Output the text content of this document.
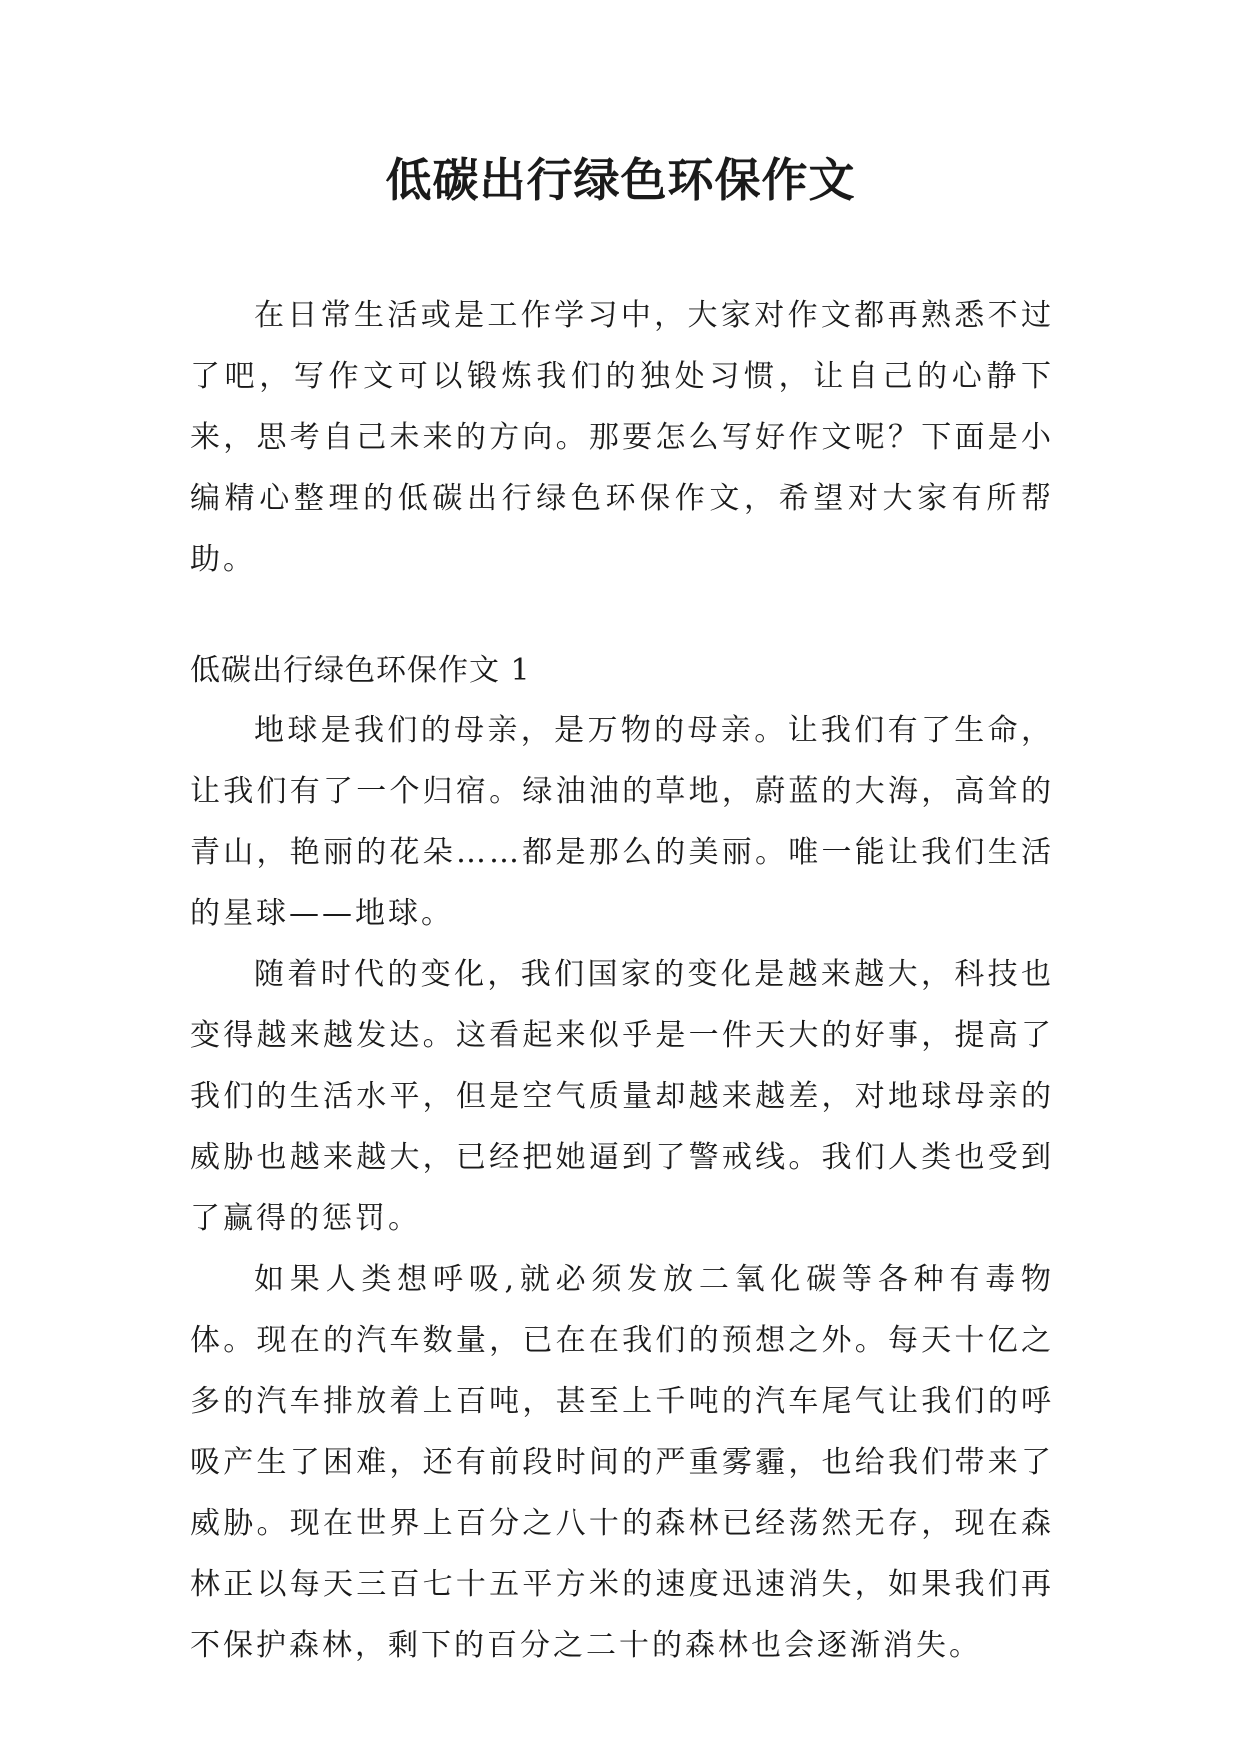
低碳出行绿色环保作文

在日常生活或是工作学习中，大家对作文都再熟悉不过了吧，写作文可以锻炼我们的独处习惯，让自己的心静下来，思考自己未来的方向。那要怎么写好作文呢？下面是小编精心整理的低碳出行绿色环保作文，希望对大家有所帮助。

低碳出行绿色环保作文 1

地球是我们的母亲，是万物的母亲。让我们有了生命，让我们有了一个归宿。绿油油的草地，蔚蓝的大海，高耸的青山，艳丽的花朵……都是那么的美丽。唯一能让我们生活的星球——地球。

随着时代的变化，我们国家的变化是越来越大，科技也变得越来越发达。这看起来似乎是一件天大的好事，提高了我们的生活水平，但是空气质量却越来越差，对地球母亲的威胁也越来越大，已经把她逼到了警戒线。我们人类也受到了赢得的惩罚。

如果人类想呼吸,就必须发放二氧化碳等各种有毒物体。现在的汽车数量，已在在我们的预想之外。每天十亿之多的汽车排放着上百吨，甚至上千吨的汽车尾气让我们的呼吸产生了困难，还有前段时间的严重雾霾，也给我们带来了威胁。现在世界上百分之八十的森林已经荡然无存，现在森林正以每天三百七十五平方米的速度迅速消失，如果我们再不保护森林，剩下的百分之二十的森林也会逐渐消失。
